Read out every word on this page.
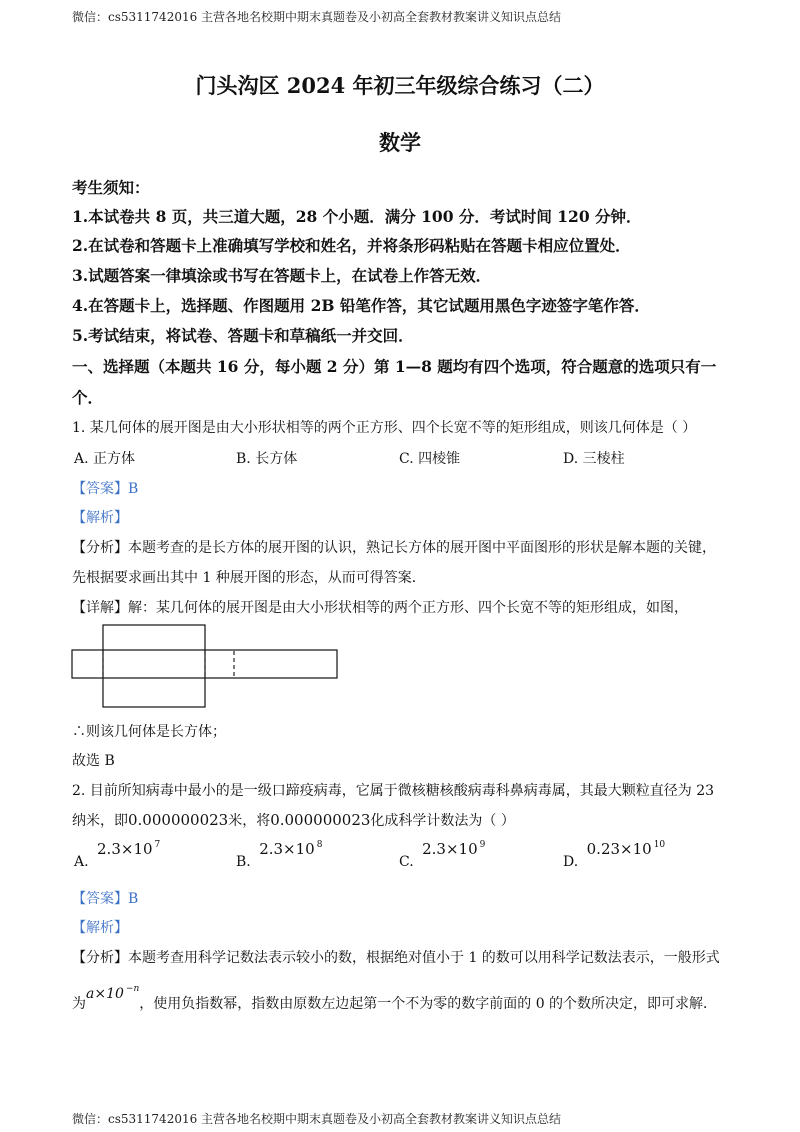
微信：cs5311742016 主营各地名校期中期末真题卷及小初高全套教材教案讲义知识点总结
门头沟区 2024 年初三年级综合练习（二）
数学
考生须知：
1.本试卷共 8 页，共三道大题，28 个小题．满分 100 分．考试时间 120 分钟．
2.在试卷和答题卡上准确填写学校和姓名，并将条形码粘贴在答题卡相应位置处．
3.试题答案一律填涂或书写在答题卡上，在试卷上作答无效．
4.在答题卡上，选择题、作图题用 2B 铅笔作答，其它试题用黑色字迹签字笔作答．
5.考试结束，将试卷、答题卡和草稿纸一并交回．
一、选择题（本题共 16 分，每小题 2 分）第 1—8 题均有四个选项，符合题意的选项只有一
个．
1. 某几何体的展开图是由大小形状相等的两个正方形、四个长宽不等的矩形组成，则该几何体是（ ）
A. 正方体	B. 长方体	C. 四棱锥	D. 三棱柱
【答案】B
【解析】
【分析】本题考查的是长方体的展开图的认识，熟记长方体的展开图中平面图形的形状是解本题的关键，
先根据要求画出其中 1 种展开图的形态，从而可得答案．
【详解】解：某几何体的展开图是由大小形状相等的两个正方形、四个长宽不等的矩形组成，如图，
∴则该几何体是长方体；
故选 B
2. 目前所知病毒中最小的是一级口蹄疫病毒，它属于微核糖核酸病毒科鼻病毒属，其最大颗粒直径为 23
纳米，即0.000000023米，将0.000000023化成科学计数法为（ ）
A. 2.3×10 $^7$
B. 2.3×10 $^8$
C. 2.3×10 $^9$
D. 0.23×10 $^{10}$
【答案】B
【解析】
【分析】本题考查用科学记数法表示较小的数，根据绝对值小于 1 的数可以用科学记数法表示，一般形式
为a×10 $^{-n}$，使用负指数幂，指数由原数左边起第一个不为零的数字前面的 0 的个数所决定，即可求解．
微信：cs5311742016 主营各地名校期中期末真题卷及小初高全套教材教案讲义知识点总结
